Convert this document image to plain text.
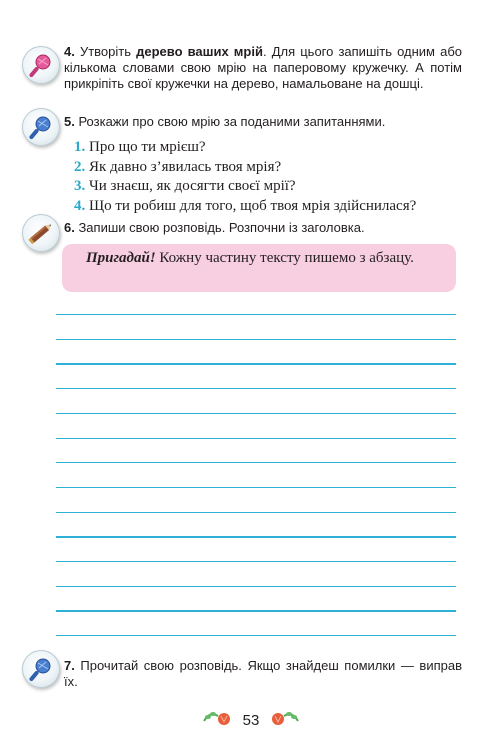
4. Утворіть дерево ваших мрій. Для цього запишіть одним або кількома словами свою мрію на паперовому кружечку. А потім прикріпіть свої кружечки на дерево, намальоване на дошці.
5. Розкажи про свою мрію за поданими запитаннями.
1. Про що ти мрієш?
2. Як давно з’явилась твоя мрія?
3. Чи знаєш, як досягти своєї мрії?
4. Що ти робиш для того, щоб твоя мрія здійснилася?
6. Запиши свою розповідь. Розпочни із заголовка.
Пригадай! Кожну частину тексту пишемо з абзацу.
7. Прочитай свою розповідь. Якщо знайдеш помилки — виправ їх.
53
